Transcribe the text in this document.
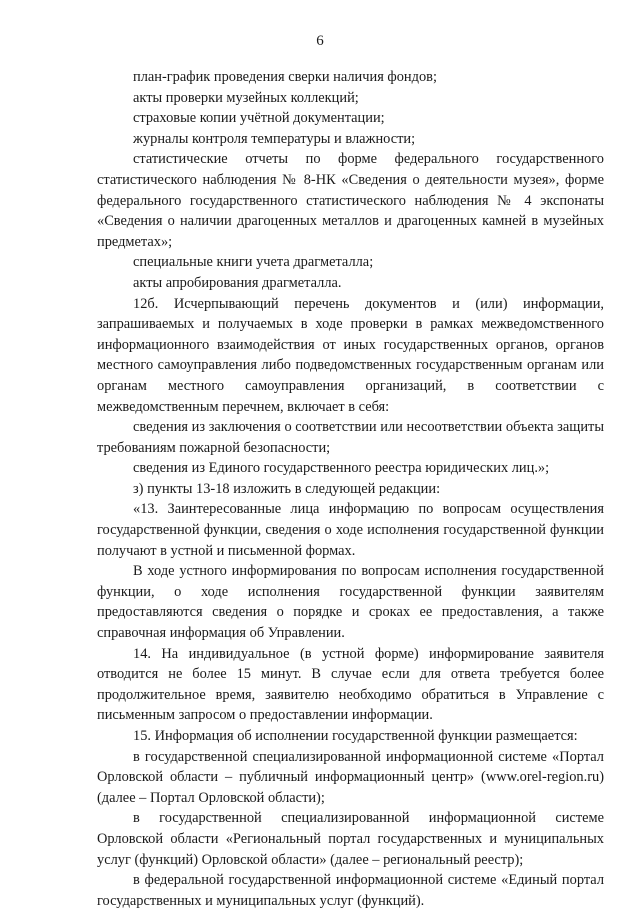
6

план-график проведения сверки наличия фондов;

акты проверки музейных коллекций;

страховые копии учётной документации;

журналы контроля температуры и влажности;

статистические отчеты по форме федерального государственного статистического наблюдения № 8-НК «Сведения о деятельности музея», форме федерального государственного статистического наблюдения № 4 экспонаты «Сведения о наличии драгоценных металлов и драгоценных камней в музейных предметах»;

специальные книги учета драгметалла;

акты апробирования драгметалла.

12б. Исчерпывающий перечень документов и (или) информации, запрашиваемых и получаемых в ходе проверки в рамках межведомственного информационного взаимодействия от иных государственных органов, органов местного самоуправления либо подведомственных государственным органам или органам местного самоуправления организаций, в соответствии с межведомственным перечнем, включает в себя:

сведения из заключения о соответствии или несоответствии объекта защиты требованиям пожарной безопасности;

сведения из Единого государственного реестра юридических лиц.»;

з) пункты 13-18 изложить в следующей редакции:

«13. Заинтересованные лица информацию по вопросам осуществления государственной функции, сведения о ходе исполнения государственной функции получают в устной и письменной формах.

В ходе устного информирования по вопросам исполнения государственной функции, о ходе исполнения государственной функции заявителям предоставляются сведения о порядке и сроках ее предоставления, а также справочная информация об Управлении.

14. На индивидуальное (в устной форме) информирование заявителя отводится не более 15 минут. В случае если для ответа требуется более продолжительное время, заявителю необходимо обратиться в Управление с письменным запросом о предоставлении информации.

15. Информация об исполнении государственной функции размещается:

в государственной специализированной информационной системе «Портал Орловской области – публичный информационный центр» (www.orel-region.ru) (далее – Портал Орловской области);

в государственной специализированной информационной системе Орловской области «Региональный портал государственных и муниципальных услуг (функций) Орловской области» (далее – региональный реестр);

в федеральной государственной информационной системе «Единый портал государственных и муниципальных услуг (функций).
